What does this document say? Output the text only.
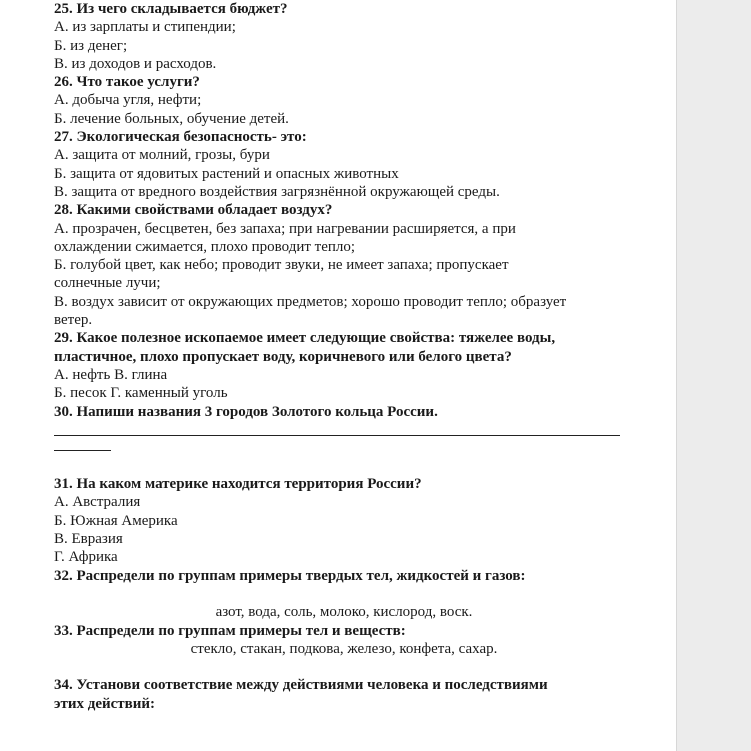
25. Из чего складывается бюджет?
А. из зарплаты и стипендии;
Б. из денег;
В. из доходов и расходов.
26. Что такое услуги?
А. добыча угля, нефти;
Б. лечение больных, обучение детей.
27. Экологическая безопасность- это:
А. защита от молний, грозы, бури
Б. защита от ядовитых растений и опасных животных
В. защита от вредного воздействия загрязнённой окружающей среды.
28. Какими свойствами обладает воздух?
А. прозрачен, бесцветен, без запаха; при нагревании расширяется, а при
охлаждении сжимается, плохо проводит тепло;
Б. голубой цвет, как небо; проводит звуки, не имеет запаха; пропускает
солнечные лучи;
В. воздух зависит от окружающих предметов; хорошо проводит тепло; образует
ветер.
29. Какое полезное ископаемое имеет следующие свойства: тяжелее воды,
пластичное, плохо пропускает воду, коричневого или белого цвета?
А. нефть В. глина
Б. песок Г. каменный уголь
30. Напиши названия 3 городов Золотого кольца России.
31. На каком материке находится территория России?
А. Австралия
Б. Южная Америка
В. Евразия
Г. Африка
32. Распредели по группам примеры твердых тел, жидкостей и газов:
азот, вода, соль, молоко, кислород, воск.
33. Распредели по группам примеры тел и веществ:
стекло, стакан, подкова, железо, конфета, сахар.
34. Установи соответствие между действиями человека и последствиями
этих действий:
